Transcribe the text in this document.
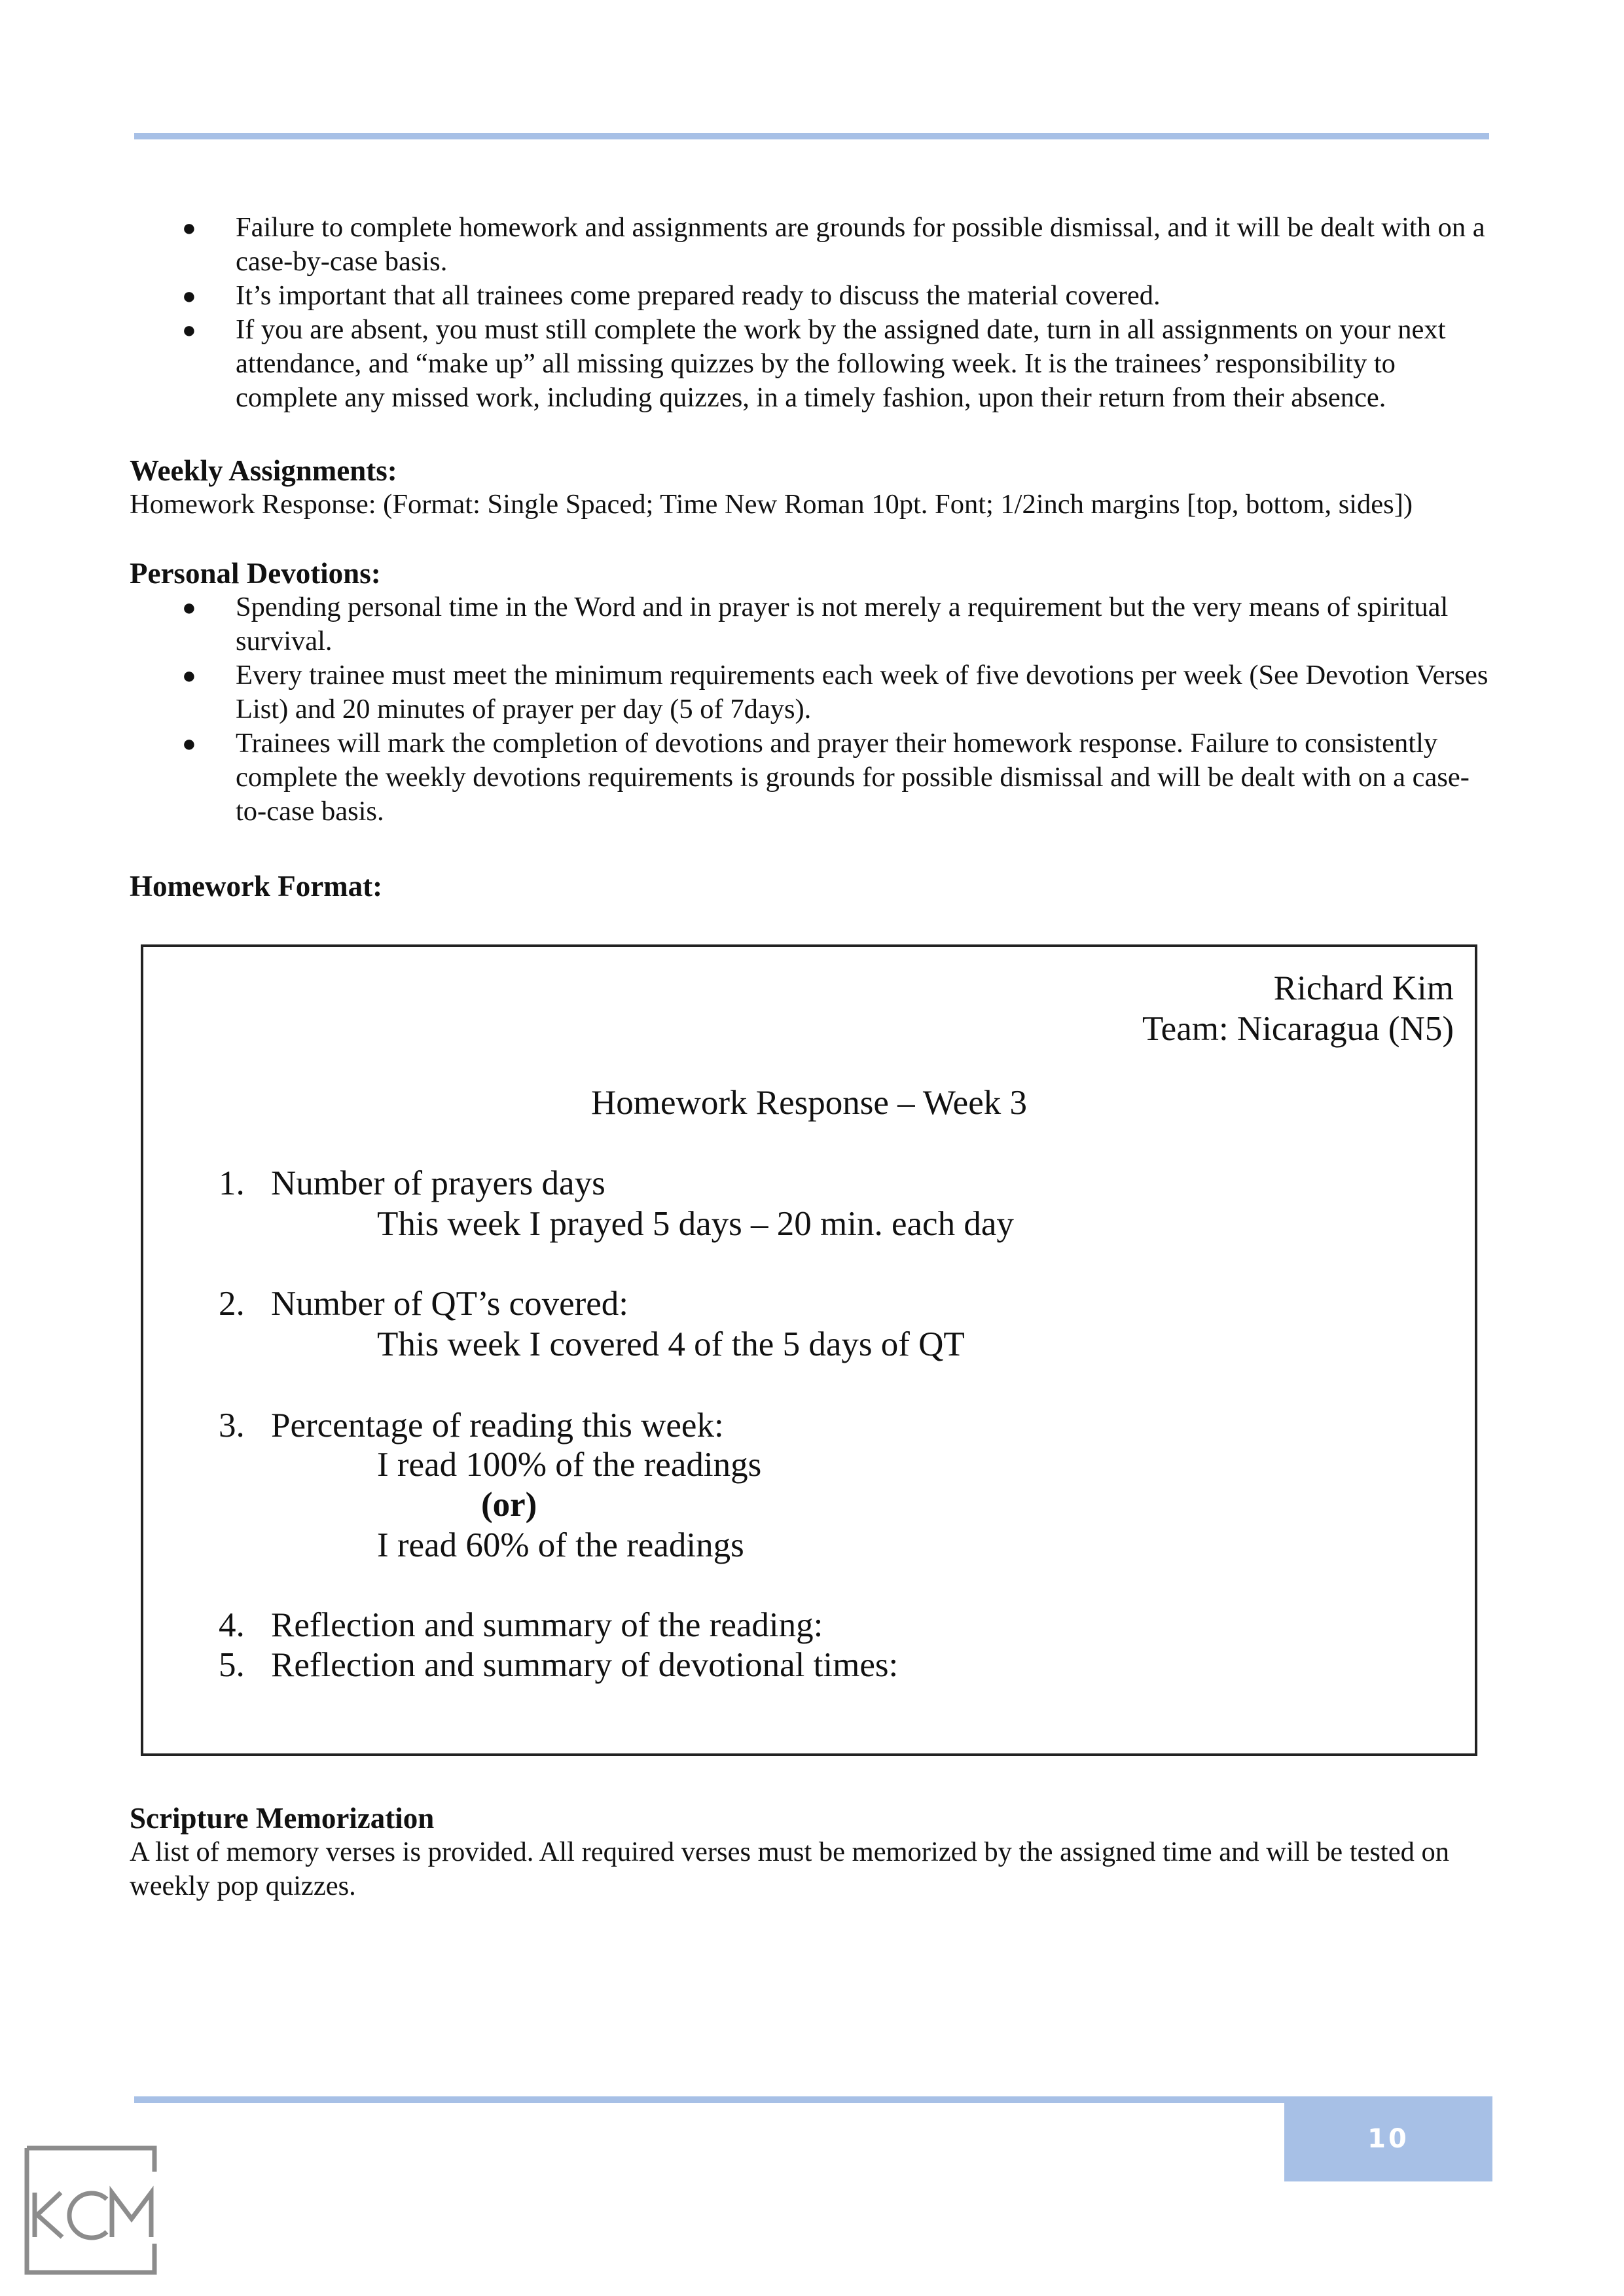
● Failure to complete homework and assignments are grounds for possible dismissal, and it will be dealt with on a case-by-case basis.
● It’s important that all trainees come prepared ready to discuss the material covered.
● If you are absent, you must still complete the work by the assigned date, turn in all assignments on your next attendance, and “make up” all missing quizzes by the following week. It is the trainees’ responsibility to complete any missed work, including quizzes, in a timely fashion, upon their return from their absence.
Weekly Assignments:
Homework Response: (Format: Single Spaced; Time New Roman 10pt. Font; 1/2inch margins [top, bottom, sides])
Personal Devotions:
● Spending personal time in the Word and in prayer is not merely a requirement but the very means of spiritual survival.
● Every trainee must meet the minimum requirements each week of five devotions per week (See Devotion Verses List) and 20 minutes of prayer per day (5 of 7days).
● Trainees will mark the completion of devotions and prayer their homework response. Failure to consistently complete the weekly devotions requirements is grounds for possible dismissal and will be dealt with on a case-to-case basis.
Homework Format:
Richard Kim
Team: Nicaragua (N5)
Homework Response – Week 3
1. Number of prayers days
This week I prayed 5 days – 20 min. each day
2. Number of QT’s covered:
This week I covered 4 of the 5 days of QT
3. Percentage of reading this week:
I read 100% of the readings
(or)
I read 60% of the readings
4. Reflection and summary of the reading:
5. Reflection and summary of devotional times:
Scripture Memorization
A list of memory verses is provided. All required verses must be memorized by the assigned time and will be tested on weekly pop quizzes.
10
